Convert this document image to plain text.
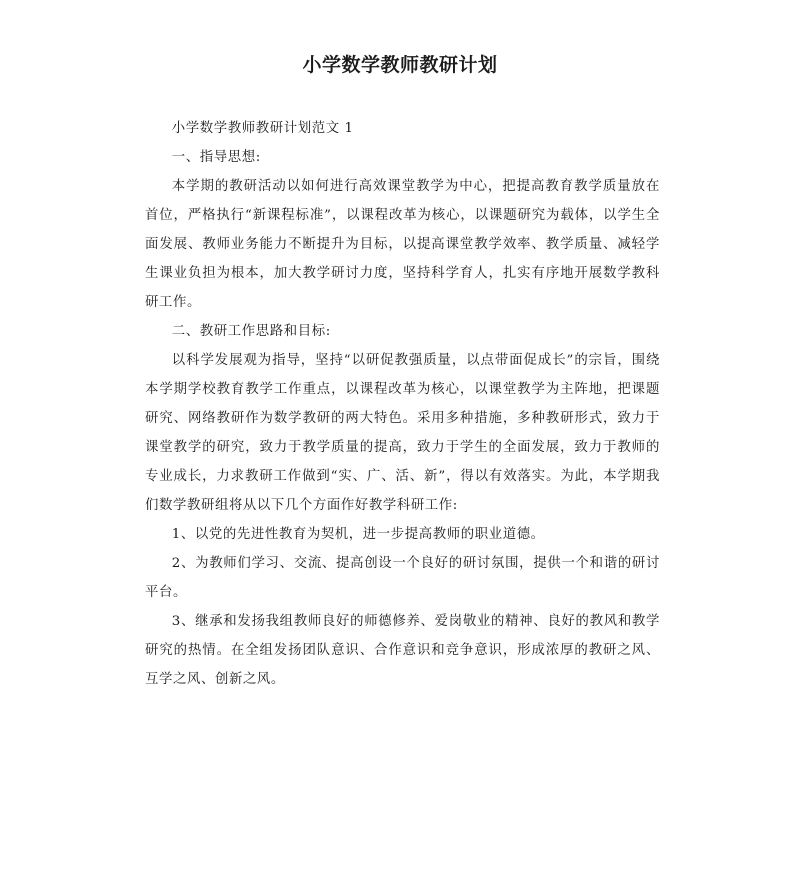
小学数学教师教研计划

小学数学教师教研计划范文 1

一、指导思想:

本学期的教研活动以如何进行高效课堂教学为中心，把提高教育教学质量放在首位，严格执行“新课程标准”，以课程改革为核心，以课题研究为载体，以学生全面发展、教师业务能力不断提升为目标，以提高课堂教学效率、教学质量、减轻学生课业负担为根本，加大教学研讨力度，坚持科学育人，扎实有序地开展数学教科研工作。

二、教研工作思路和目标:

以科学发展观为指导，坚持“以研促教强质量，以点带面促成长”的宗旨，围绕本学期学校教育教学工作重点，以课程改革为核心，以课堂教学为主阵地，把课题研究、网络教研作为数学教研的两大特色。采用多种措施，多种教研形式，致力于课堂教学的研究，致力于教学质量的提高，致力于学生的全面发展，致力于教师的专业成长，力求教研工作做到“实、广、活、新”，得以有效落实。为此，本学期我们数学教研组将从以下几个方面作好教学科研工作:

1、以党的先进性教育为契机，进一步提高教师的职业道德。

2、为教师们学习、交流、提高创设一个良好的研讨氛围，提供一个和谐的研讨平台。

3、继承和发扬我组教师良好的师德修养、爱岗敬业的精神、良好的教风和教学研究的热情。在全组发扬团队意识、合作意识和竞争意识，形成浓厚的教研之风、互学之风、创新之风。
